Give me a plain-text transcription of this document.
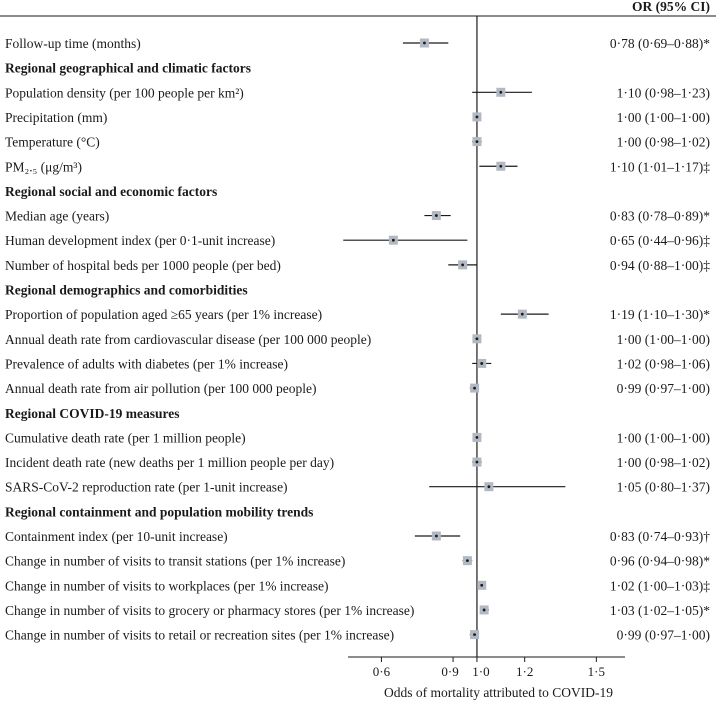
OR (95% CI)
Follow-up time (months)	0·78 (0·69–0·88)*
Regional geographical and climatic factors
Population density (per 100 people per km²)	1·10 (0·98–1·23)
Precipitation (mm)	1·00 (1·00–1·00)
Temperature (°C)	1·00 (0·98–1·02)
PM₂.₅ (μg/m³)	1·10 (1·01–1·17)‡
Regional social and economic factors
Median age (years)	0·83 (0·78–0·89)*
Human development index (per 0·1-unit increase)	0·65 (0·44–0·96)‡
Number of hospital beds per 1000 people (per bed)	0·94 (0·88–1·00)‡
Regional demographics and comorbidities
Proportion of population aged ≥65 years (per 1% increase)	1·19 (1·10–1·30)*
Annual death rate from cardiovascular disease (per 100 000 people)	1·00 (1·00–1·00)
Prevalence of adults with diabetes (per 1% increase)	1·02 (0·98–1·06)
Annual death rate from air pollution (per 100 000 people)	0·99 (0·97–1·00)
Regional COVID-19 measures
Cumulative death rate (per 1 million people)	1·00 (1·00–1·00)
Incident death rate (new deaths per 1 million people per day)	1·00 (0·98–1·02)
SARS-CoV-2 reproduction rate (per 1-unit increase)	1·05 (0·80–1·37)
Regional containment and population mobility trends
Containment index (per 10-unit increase)	0·83 (0·74–0·93)†
Change in number of visits to transit stations (per 1% increase)	0·96 (0·94–0·98)*
Change in number of visits to workplaces (per 1% increase)	1·02 (1·00–1·03)‡
Change in number of visits to grocery or pharmacy stores (per 1% increase)	1·03 (1·02–1·05)*
Change in number of visits to retail or recreation sites (per 1% increase)	0·99 (0·97–1·00)
0·6	0·9 1·0 1·2	1·5
Odds of mortality attributed to COVID-19
